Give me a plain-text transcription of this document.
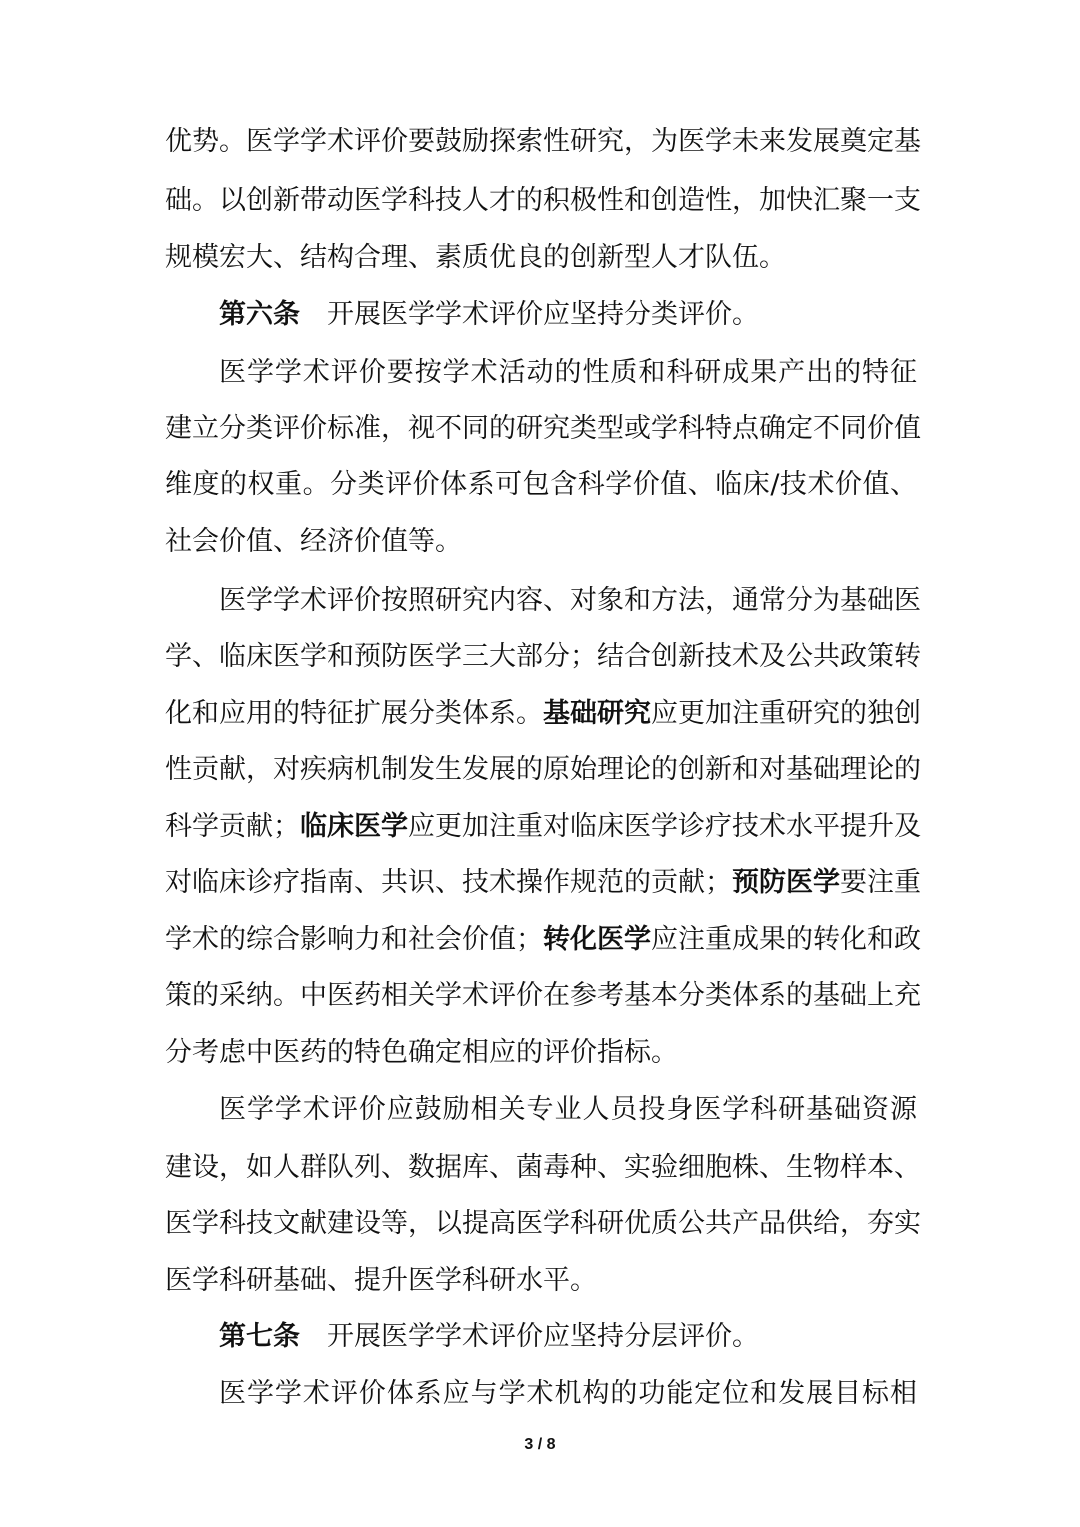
优势。医学学术评价要鼓励探索性研究，为医学未来发展奠定基
础。以创新带动医学科技人才的积极性和创造性，加快汇聚一支
规模宏大、结构合理、素质优良的创新型人才队伍。
第六条 开展医学学术评价应坚持分类评价。
医学学术评价要按学术活动的性质和科研成果产出的特征
建立分类评价标准，视不同的研究类型或学科特点确定不同价值
维度的权重。分类评价体系可包含科学价值、临床/技术价值、
社会价值、经济价值等。
医学学术评价按照研究内容、对象和方法，通常分为基础医
学、临床医学和预防医学三大部分；结合创新技术及公共政策转
化和应用的特征扩展分类体系。基础研究应更加注重研究的独创
性贡献，对疾病机制发生发展的原始理论的创新和对基础理论的
科学贡献；临床医学应更加注重对临床医学诊疗技术水平提升及
对临床诊疗指南、共识、技术操作规范的贡献；预防医学要注重
学术的综合影响力和社会价值；转化医学应注重成果的转化和政
策的采纳。中医药相关学术评价在参考基本分类体系的基础上充
分考虑中医药的特色确定相应的评价指标。
医学学术评价应鼓励相关专业人员投身医学科研基础资源
建设，如人群队列、数据库、菌毒种、实验细胞株、生物样本、
医学科技文献建设等，以提高医学科研优质公共产品供给，夯实
医学科研基础、提升医学科研水平。
第七条 开展医学学术评价应坚持分层评价。
医学学术评价体系应与学术机构的功能定位和发展目标相
3 / 8
